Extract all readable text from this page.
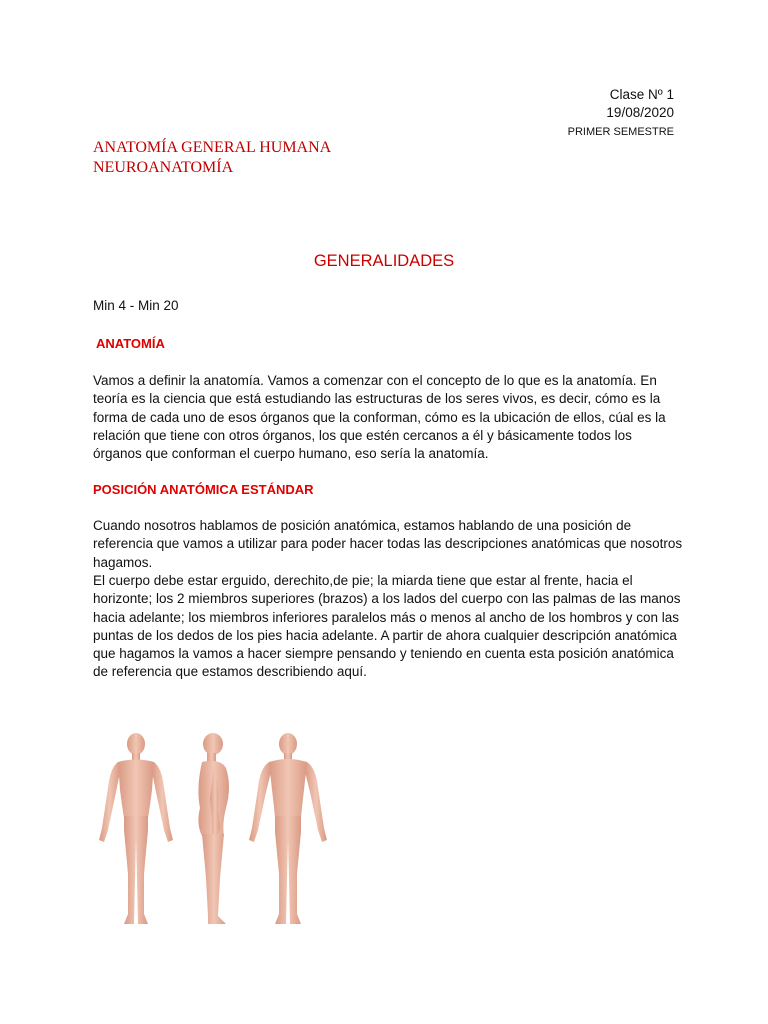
Clase Nº 1
19/08/2020
PRIMER SEMESTRE
ANATOMÍA GENERAL HUMANA
NEUROANATOMÍA
GENERALIDADES
Min 4 - Min 20
ANATOMÍA
Vamos a definir la anatomía. Vamos a comenzar con el concepto de lo que es la anatomía. En teoría es la ciencia que está estudiando las estructuras de los seres vivos, es decir, cómo es la forma de cada uno de esos órganos que la conforman, cómo es la ubicación de ellos, cúal es la relación que tiene con otros órganos, los que estén cercanos a él y básicamente todos los órganos que conforman el cuerpo humano, eso sería la anatomía.
POSICIÓN ANATÓMICA ESTÁNDAR
Cuando nosotros hablamos de posición anatómica, estamos hablando de una posición de referencia que vamos a utilizar para poder hacer todas las descripciones anatómicas que nosotros hagamos.
El cuerpo debe estar erguido, derechito,de pie; la miarda tiene que estar al frente, hacia el horizonte; los 2 miembros superiores (brazos) a los lados del cuerpo con las palmas de las manos hacia adelante; los miembros inferiores paralelos más o menos al ancho de los hombros y con las puntas de los dedos de los pies hacia adelante. A partir de ahora cualquier descripción anatómica que hagamos la vamos a hacer siempre pensando y teniendo en cuenta esta posición anatómica de referencia que estamos describiendo aquí.
